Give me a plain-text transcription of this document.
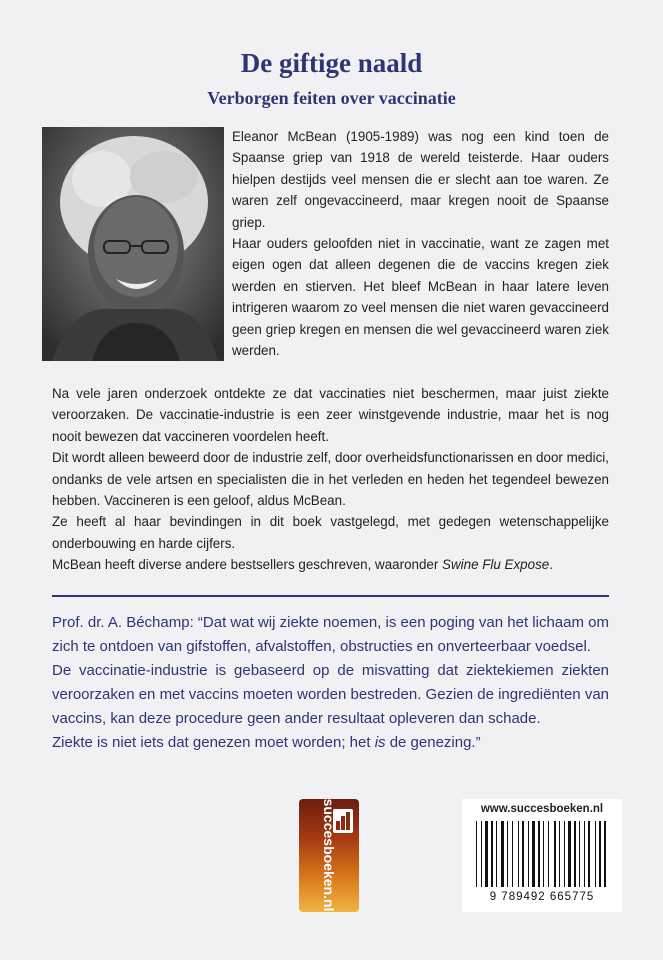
De giftige naald
Verborgen feiten over vaccinatie

Eleanor McBean (1905-1989) was nog een kind toen de Spaanse griep van 1918 de wereld teisterde. Haar ouders hielpen destijds veel mensen die er slecht aan toe waren. Ze waren zelf ongevaccineerd, maar kregen nooit de Spaanse griep.

Haar ouders geloofden niet in vaccinatie, want ze zagen met eigen ogen dat alleen degenen die de vaccins kregen ziek werden en stierven. Het bleef McBean in haar latere leven intrigeren waarom zo veel mensen die niet waren gevaccineerd geen griep kregen en mensen die wel gevaccineerd waren ziek werden.

Na vele jaren onderzoek ontdekte ze dat vaccinaties niet beschermen, maar juist ziekte veroorzaken. De vaccinatie-industrie is een zeer winstgevende industrie, maar het is nog nooit bewezen dat vaccineren voordelen heeft.

Dit wordt alleen beweerd door de industrie zelf, door overheidsfunctionarissen en door medici, ondanks de vele artsen en specialisten die in het verleden en heden het tegendeel bewezen hebben. Vaccineren is een geloof, aldus McBean.

Ze heeft al haar bevindingen in dit boek vastgelegd, met gedegen wetenschappelijke onderbouwing en harde cijfers.

McBean heeft diverse andere bestsellers geschreven, waaronder Swine Flu Expose.

Prof. dr. A. Béchamp: “Dat wat wij ziekte noemen, is een poging van het lichaam om zich te ontdoen van gifstoffen, afvalstoffen, obstructies en onverteerbaar voedsel.

De vaccinatie-industrie is gebaseerd op de misvatting dat ziektekiemen ziekten veroorzaken en met vaccins moeten worden bestreden. Gezien de ingrediënten van vaccins, kan deze procedure geen ander resultaat opleveren dan schade.

Ziekte is niet iets dat genezen moet worden; het is de genezing.”

succesboeken.nl	www.succesboeken.nl
9 789492 665775
